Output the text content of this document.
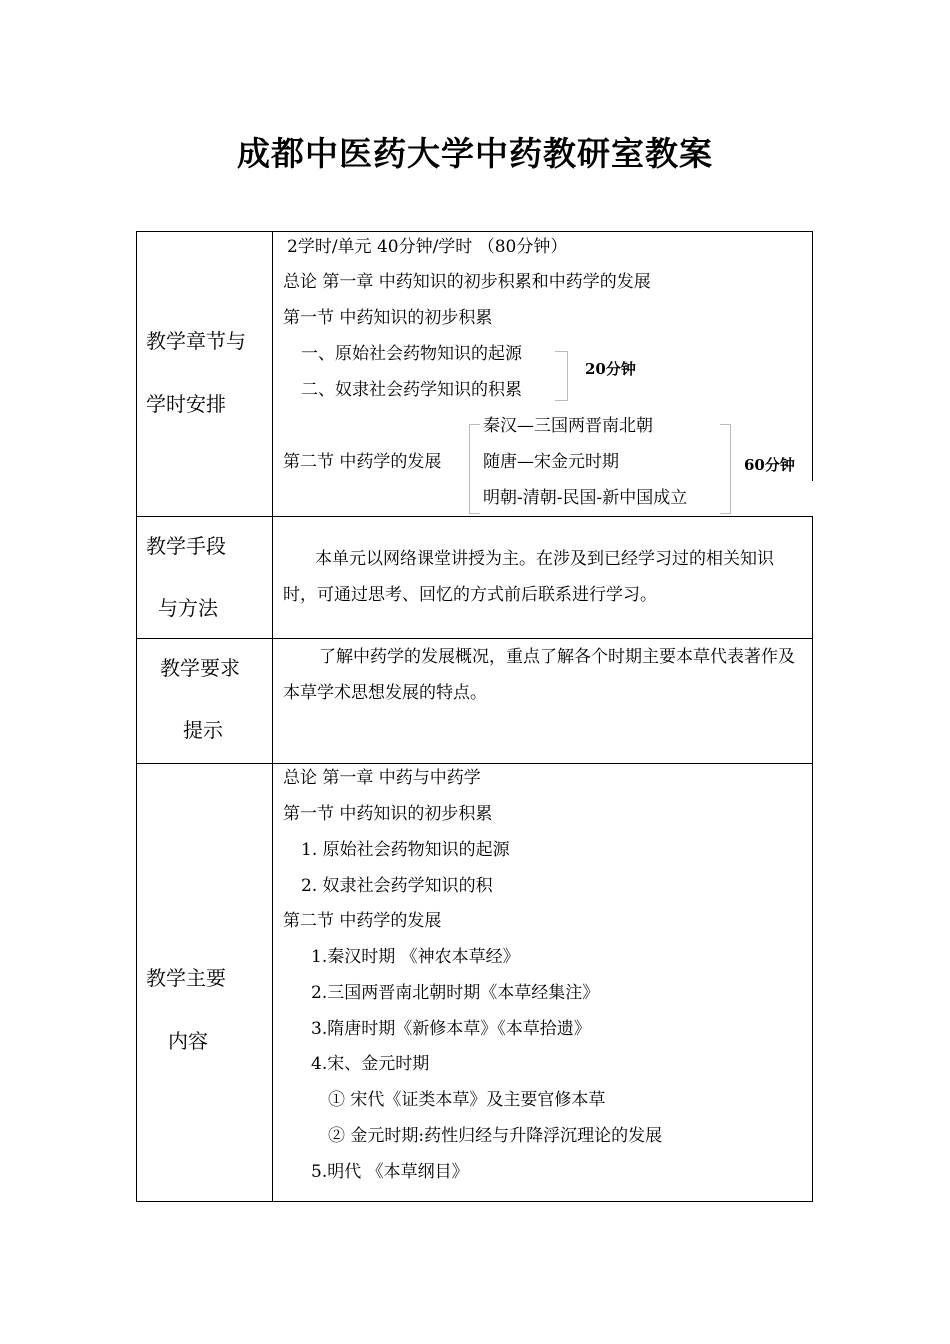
成都中医药大学中药教研室教案
教学章节与
学时安排
2学时/单元 40分钟/学时 （80分钟）
总论 第一章 中药知识的初步积累和中药学的发展
第一节 中药知识的初步积累
一、原始社会药物知识的起源
二、奴隶社会药学知识的积累
20分钟
第二节 中药学的发展
秦汉—三国两晋南北朝
随唐—宋金元时期
明朝-清朝-民国-新中国成立
60分钟
教学手段
与方法
本单元以网络课堂讲授为主。在涉及到已经学习过的相关知识时，可通过思考、回忆的方式前后联系进行学习。
教学要求
提示
了解中药学的发展概况，重点了解各个时期主要本草代表著作及本草学术思想发展的特点。
教学主要
内容
总论 第一章 中药与中药学
第一节 中药知识的初步积累
1. 原始社会药物知识的起源
2. 奴隶社会药学知识的积
第二节 中药学的发展
1.秦汉时期 《神农本草经》
2.三国两晋南北朝时期《本草经集注》
3.隋唐时期《新修本草》《本草拾遗》
4.宋、金元时期
① 宋代《证类本草》及主要官修本草
② 金元时期:药性归经与升降浮沉理论的发展
5.明代 《本草纲目》
